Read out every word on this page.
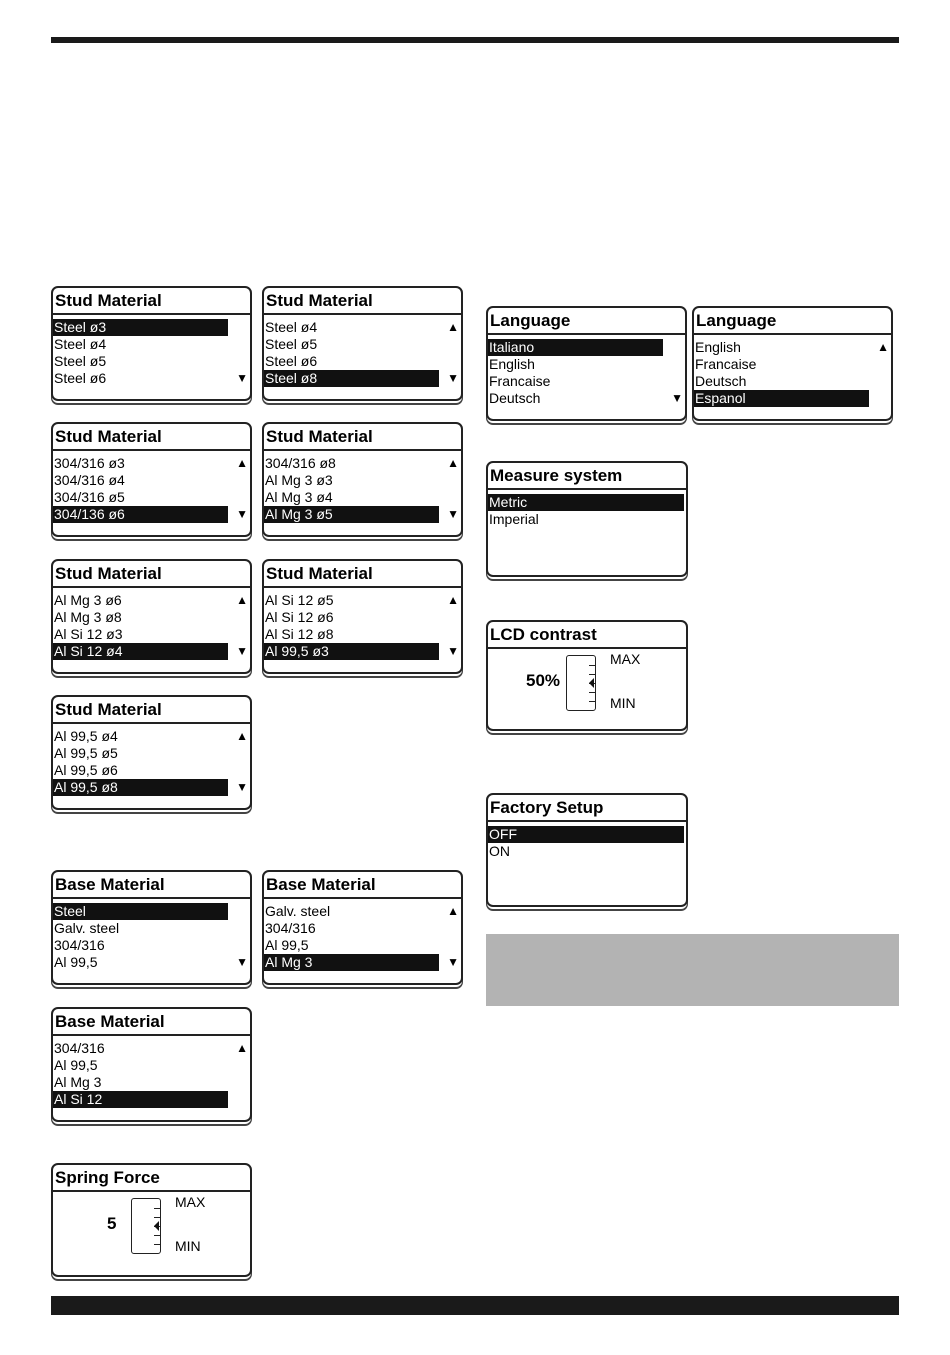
Stud Material
Steel ø3
Steel ø4
Steel ø5
Steel ø6	▼
Stud Material
Steel ø4
Steel ø5
Steel ø6
Steel ø8
▲
▼
Stud Material
304/316 ø3
304/316 ø4
304/316 ø5
304/136 ø6
▲
▼
Stud Material
304/316 ø8
Al Mg 3 ø3
Al Mg 3 ø4
Al Mg 3 ø5
▲
▼
Stud Material
Al Mg 3 ø6
Al Mg 3 ø8
Al Si 12 ø3
Al Si 12 ø4
▲
▼
Stud Material
Al Si 12 ø5
Al Si 12 ø6
Al Si 12 ø8
Al 99,5 ø3
▲
▼
Stud Material
Al 99,5 ø4
Al 99,5 ø5
Al 99,5 ø6
Al 99,5 ø8
▲
▼
Base Material
Steel
Galv. steel
304/316
Al 99,5	▼
Base Material
Galv. steel
304/316
Al 99,5
Al Mg 3
▲
▼
Base Material
304/316
Al 99,5
Al Mg 3
Al Si 12
▲
Language
Italiano
English
Francaise
Deutsch	▼
Language
English
Francaise
Deutsch
Espanol
▲
Measure system
Metric
Imperial
Factory Setup
OFF
ON
LCD contrast
50%
MAX
MIN
Spring Force
5
MAX
MIN
